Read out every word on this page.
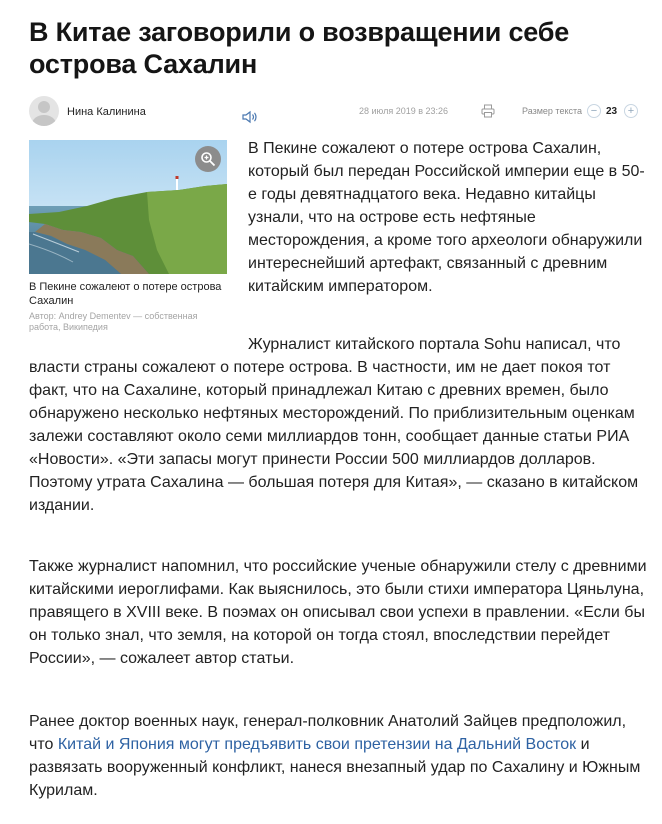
В Китае заговорили о возвращении себе острова Сахалин
Нина Калинина	28 июля 2019 в 23:26	Размер текста − 23 +
В Пекине сожалеют о потере острова Сахалин
Автор: Andrey Dementev — собственная работа, Википедия

В Пекине сожалеют о потере острова Сахалин, который был передан Российской империи еще в 50-е годы девятнадцатого века. Недавно китайцы узнали, что на острове есть нефтяные месторождения, а кроме того археологи обнаружили интереснейший артефакт, связанный с древним китайским императором.

Журналист китайского портала Sohu написал, что власти страны сожалеют о потере острова. В частности, им не дает покоя тот факт, что на Сахалине, который принадлежал Китаю с древних времен, было обнаружено несколько нефтяных месторождений. По приблизительным оценкам залежи составляют около семи миллиардов тонн, сообщает данные статьи РИА «Новости». «Эти запасы могут принести России 500 миллиардов долларов. Поэтому утрата Сахалина — большая потеря для Китая», — сказано в китайском издании.

Также журналист напомнил, что российские ученые обнаружили стелу с древними китайскими иероглифами. Как выяснилось, это были стихи императора Цяньлуна, правящего в XVIII веке. В поэмах он описывал свои успехи в правлении. «Если бы он только знал, что земля, на которой он тогда стоял, впоследствии перейдет России», — сожалеет автор статьи.

Ранее доктор военных наук, генерал-полковник Анатолий Зайцев предположил, что Китай и Япония могут предъявить свои претензии на Дальний Восток и развязать вооруженный конфликт, нанеся внезапный удар по Сахалину и Южным Курилам.
